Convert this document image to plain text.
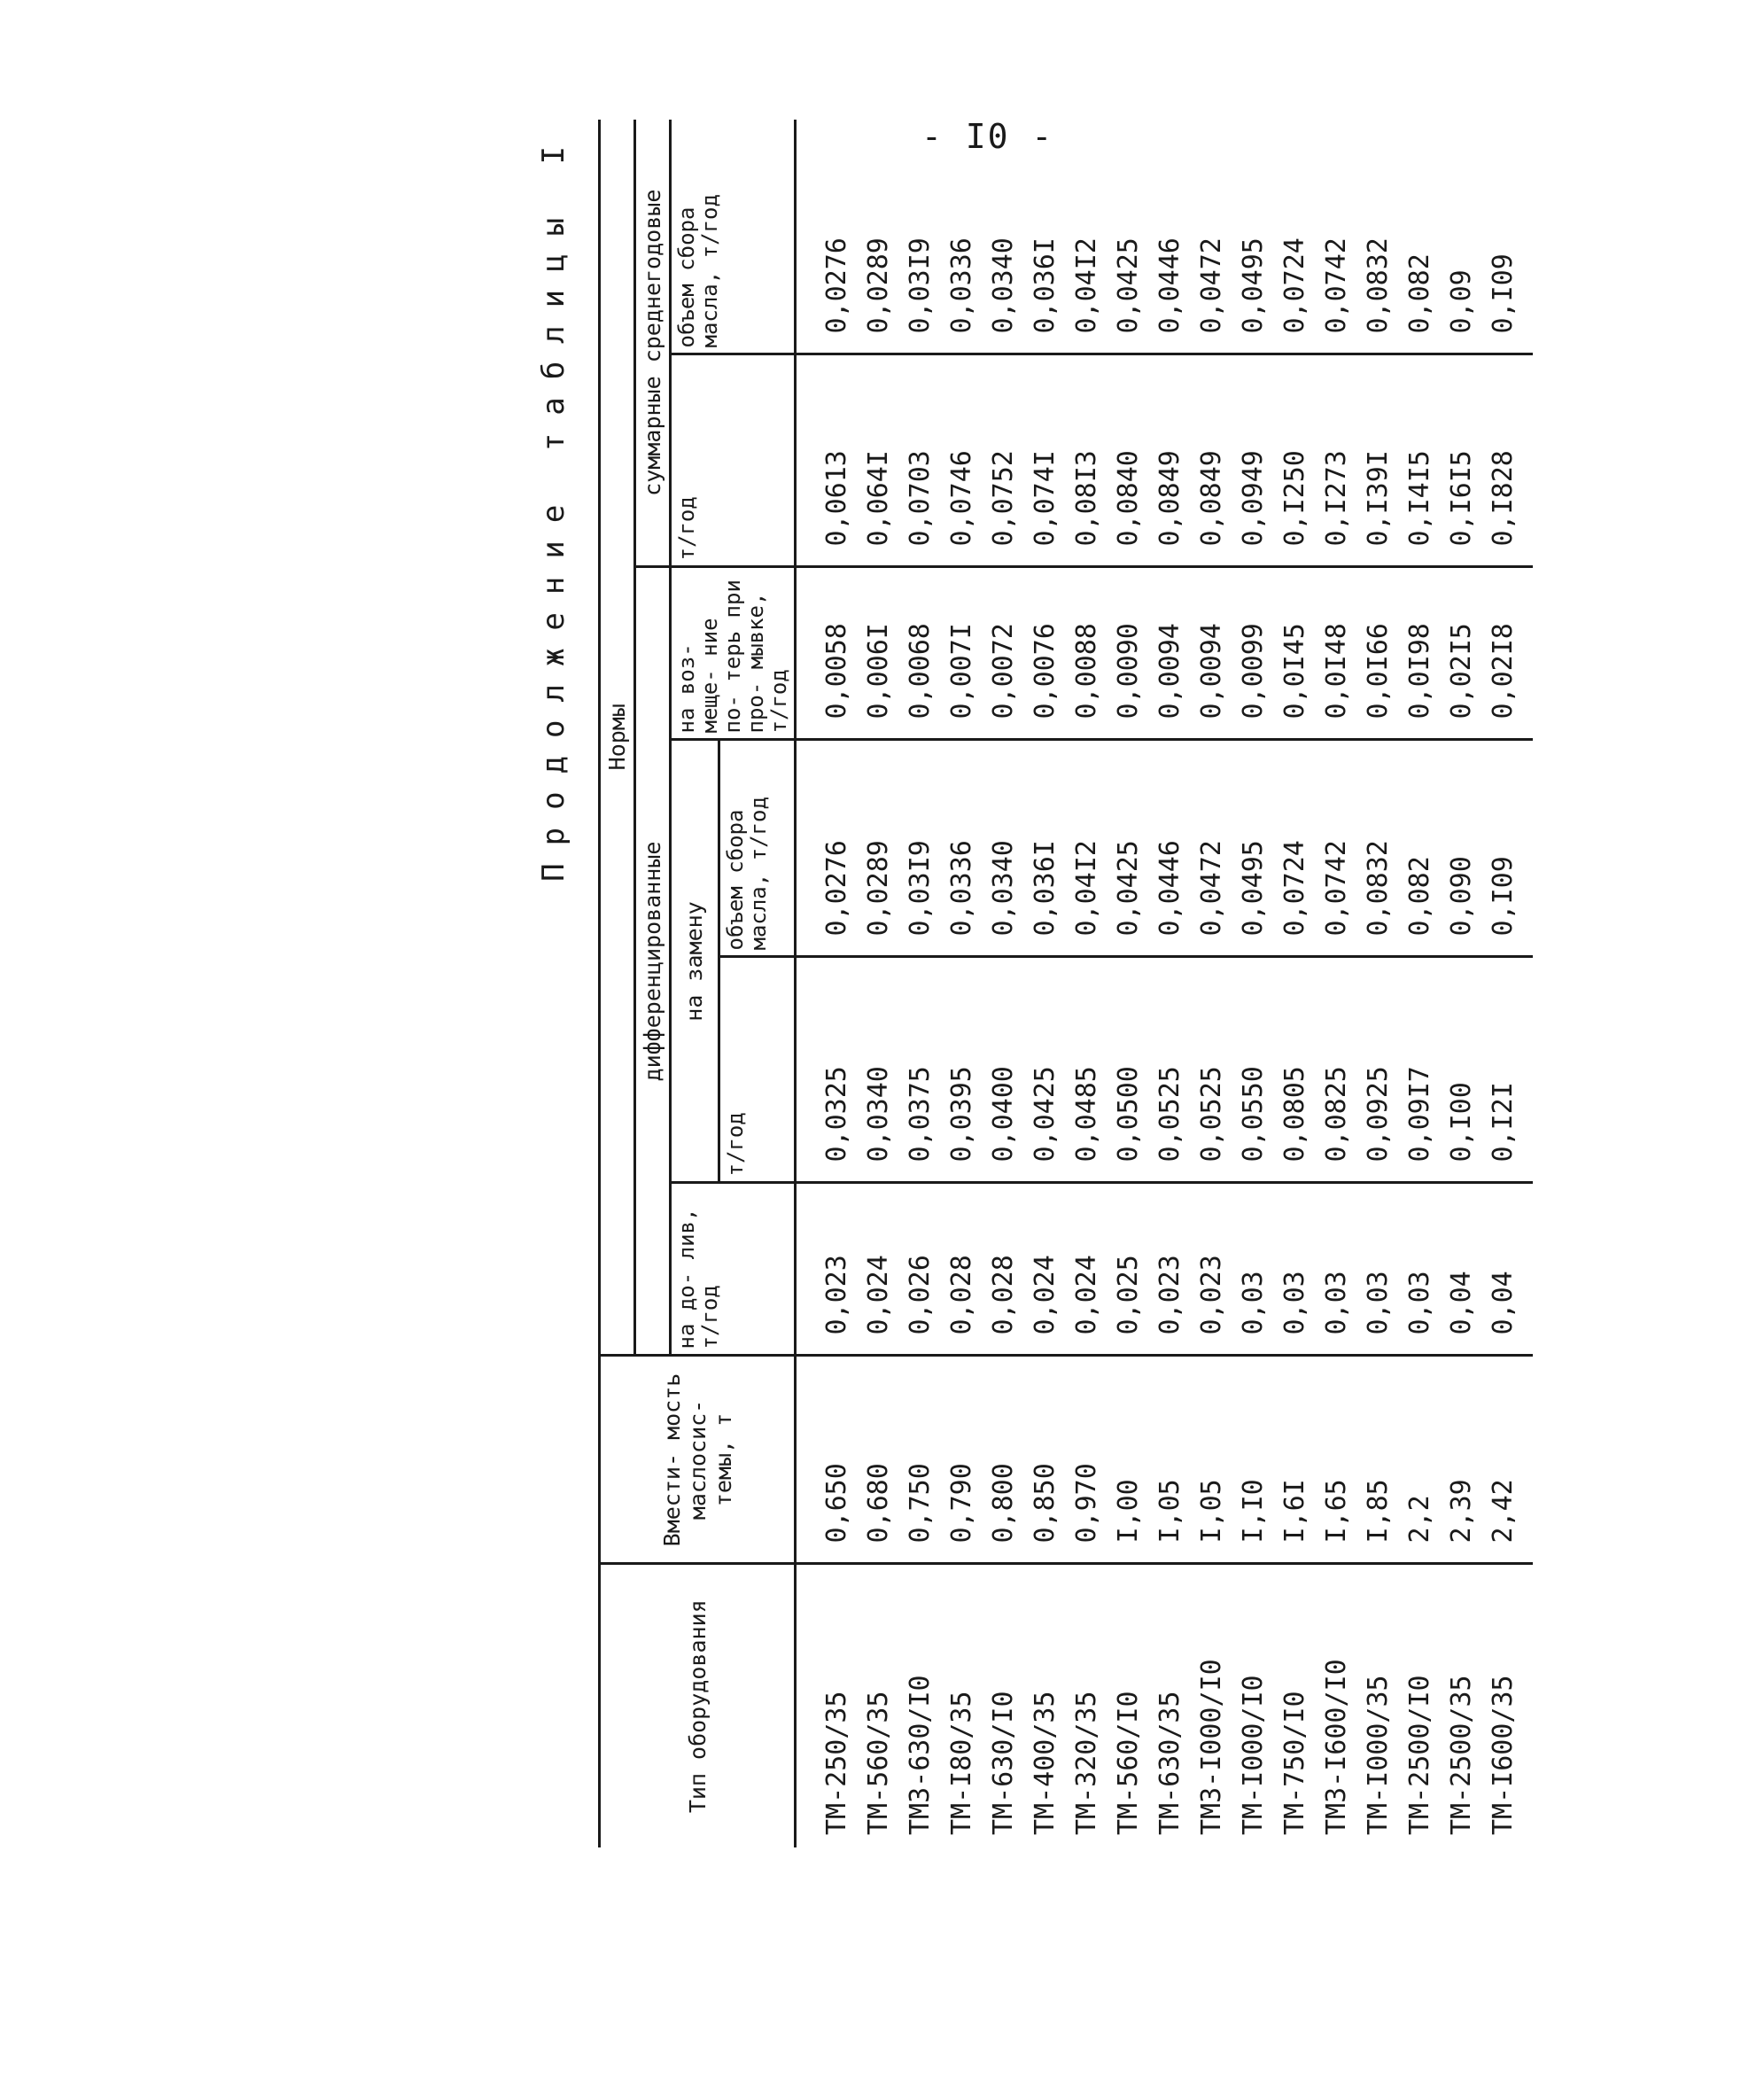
- I0 -
Продолжение таблицы I
Тип оборудования	Вмести- мость маслосис- темы, т	Нормы					
		дифференцированные				суммарные среднегодовые	
		на до- лив, т/год	на замену		на воз- меще- ние по- терь при про- мывке, т/год	т/год	объем сбора масла, т/год
			т/год	объем сбора масла, т/год			
ТМ-250/35	0,650	0,023	0,0325	0,0276	0,0058	0,0613	0,0276
ТМ-560/35	0,680	0,024	0,0340	0,0289	0,006I	0,064I	0,0289
ТМЗ-630/I0	0,750	0,026	0,0375	0,03I9	0,0068	0,0703	0,03I9
ТМ-I80/35	0,790	0,028	0,0395	0,0336	0,007I	0,0746	0,0336
ТМ-630/I0	0,800	0,028	0,0400	0,0340	0,0072	0,0752	0,0340
ТМ-400/35	0,850	0,024	0,0425	0,036I	0,0076	0,074I	0,036I
ТМ-320/35	0,970	0,024	0,0485	0,04I2	0,0088	0,08I3	0,04I2
ТМ-560/I0	I,00	0,025	0,0500	0,0425	0,0090	0,0840	0,0425
ТМ-630/35	I,05	0,023	0,0525	0,0446	0,0094	0,0849	0,0446
ТМЗ-I000/I0	I,05	0,023	0,0525	0,0472	0,0094	0,0849	0,0472
ТМ-I000/I0	I,I0	0,03	0,0550	0,0495	0,0099	0,0949	0,0495
ТМ-750/I0	I,6I	0,03	0,0805	0,0724	0,0I45	0,I250	0,0724
ТМЗ-I600/I0	I,65	0,03	0,0825	0,0742	0,0I48	0,I273	0,0742
ТМ-I000/35	I,85	0,03	0,0925	0,0832	0,0I66	0,I39I	0,0832
ТМ-2500/I0	2,2	0,03	0,09I7	0,082	0,0I98	0,I4I5	0,082
ТМ-2500/35	2,39	0,04	0,I00	0,090	0,02I5	0,I6I5	0,09
ТМ-I600/35	2,42	0,04	0,I2I	0,I09	0,02I8	0,I828	0,I09
